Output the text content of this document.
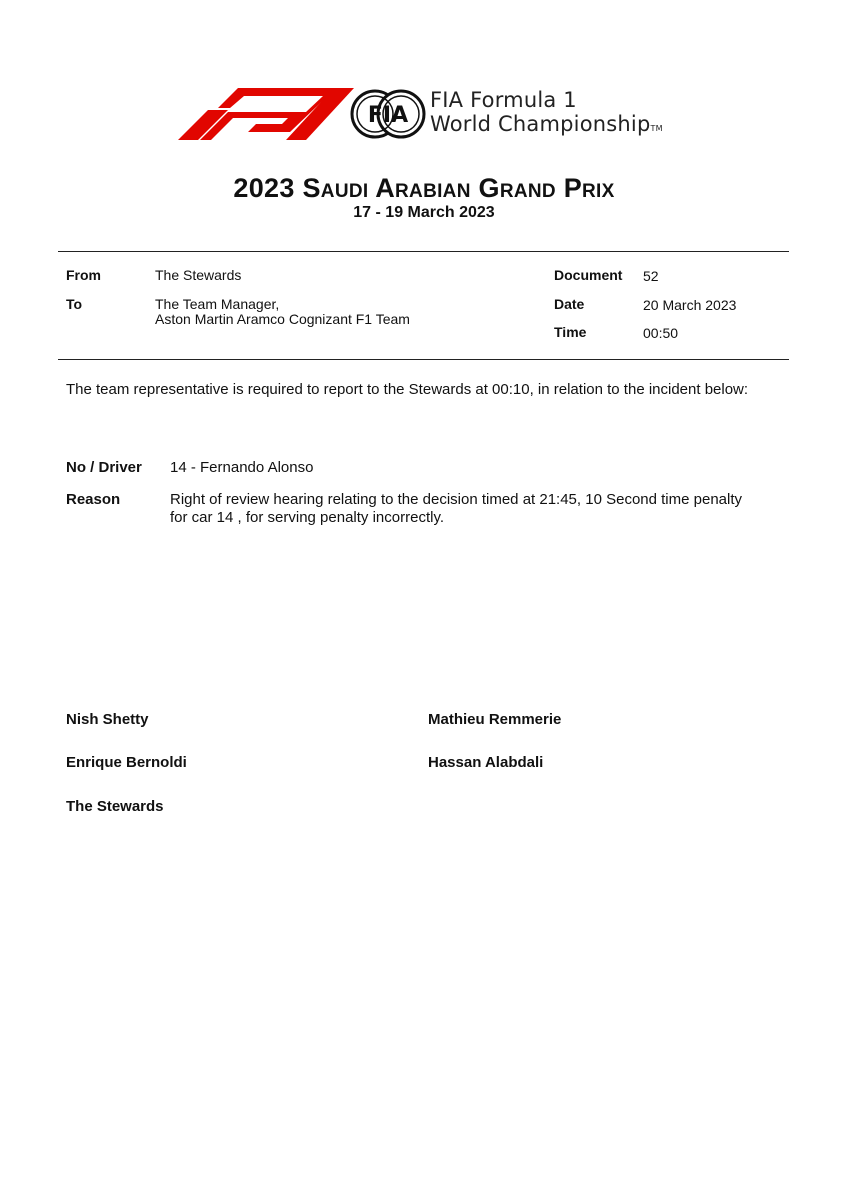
FIA
FIA Formula 1
World ChampionshipTM
2023 Saudi Arabian Grand Prix
17 - 19 March 2023
From	The Stewards
To	The Team Manager,
Aston Martin Aramco Cognizant F1 Team
Document 52
Date	20 March 2023
Time	00:50
The team representative is required to report to the Stewards at 00:10, in relation to the incident below:
No / Driver 14 - Fernando Alonso
Reason	Right of review hearing relating to the decision timed at 21:45, 10 Second time penalty for car 14 , for serving penalty incorrectly.
Nish Shetty	Mathieu Remmerie
Enrique Bernoldi	Hassan Alabdali
The Stewards
